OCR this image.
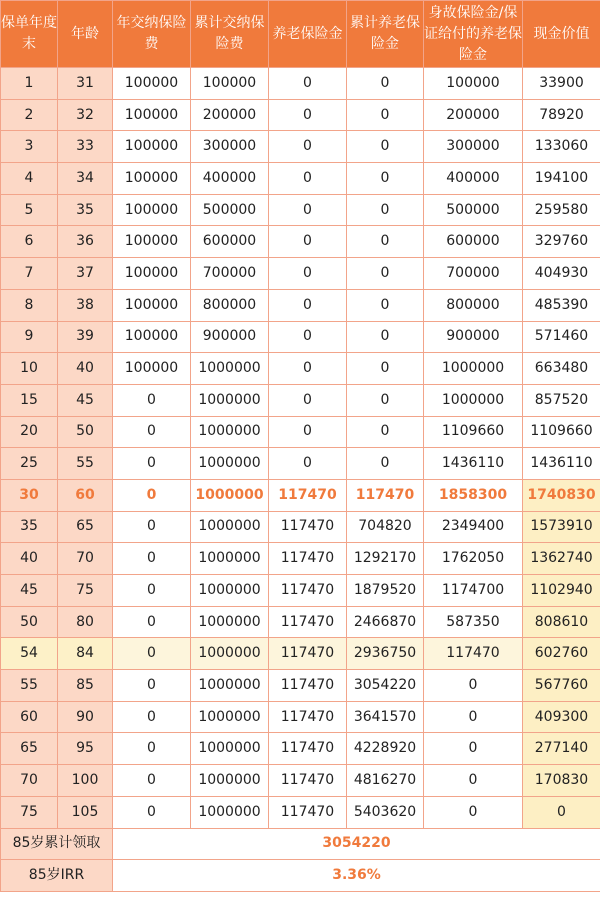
保单年度末	年龄	年交纳保险费	累计交纳保险费	养老保险金	累计养老保险金	身故保险金/保证给付的养老保险金	现金价值
1	31	100000	100000	0	0	100000	33900
2	32	100000	200000	0	0	200000	78920
3	33	100000	300000	0	0	300000	133060
4	34	100000	400000	0	0	400000	194100
5	35	100000	500000	0	0	500000	259580
6	36	100000	600000	0	0	600000	329760
7	37	100000	700000	0	0	700000	404930
8	38	100000	800000	0	0	800000	485390
9	39	100000	900000	0	0	900000	571460
10	40	100000	1000000	0	0	1000000	663480
15	45	0	1000000	0	0	1000000	857520
20	50	0	1000000	0	0	1109660	1109660
25	55	0	1000000	0	0	1436110	1436110
30	60	0	1000000	117470	117470	1858300	1740830
35	65	0	1000000	117470	704820	2349400	1573910
40	70	0	1000000	117470	1292170	1762050	1362740
45	75	0	1000000	117470	1879520	1174700	1102940
50	80	0	1000000	117470	2466870	587350	808610
54	84	0	1000000	117470	2936750	117470	602760
55	85	0	1000000	117470	3054220	0	567760
60	90	0	1000000	117470	3641570	0	409300
65	95	0	1000000	117470	4228920	0	277140
70	100	0	1000000	117470	4816270	0	170830
75	105	0	1000000	117470	5403620	0	0
85岁累计领取		3054220					
85岁IRR		3.36%					
